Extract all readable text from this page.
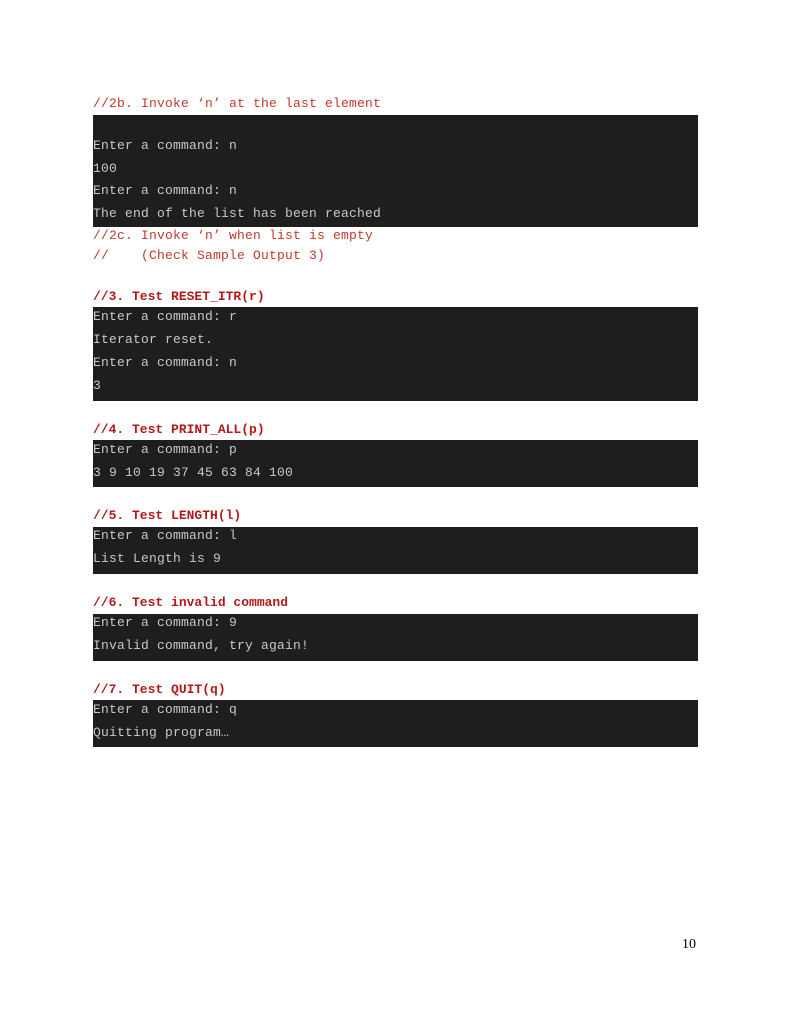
//2b. Invoke ‘n’ at the last element
Enter a command: n
100
Enter a command: n
The end of the list has been reached
//2c. Invoke ‘n’ when list is empty
//    (Check Sample Output 3)
//3. Test RESET_ITR(r)
Enter a command: r
Iterator reset.
Enter a command: n
3
//4. Test PRINT_ALL(p)
Enter a command: p
3 9 10 19 37 45 63 84 100
//5. Test LENGTH(l)
Enter a command: l
List Length is 9
//6. Test invalid command
Enter a command: 9
Invalid command, try again!
//7. Test QUIT(q)
Enter a command: q
Quitting program…
10
